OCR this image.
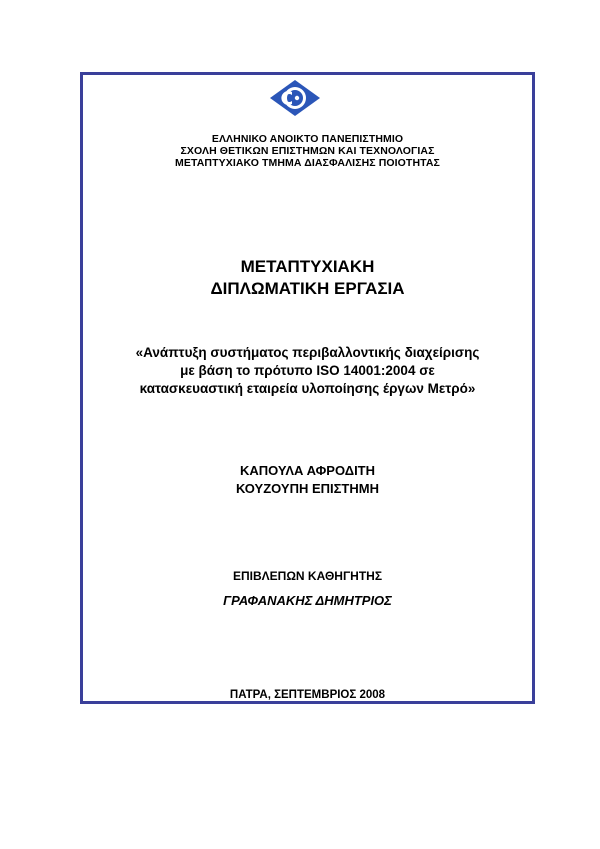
ΕΛΛΗΝΙΚΟ ΑΝΟΙΚΤΟ ΠΑΝΕΠΙΣΤΗΜΙΟ
ΣΧΟΛΗ ΘΕΤΙΚΩΝ ΕΠΙΣΤΗΜΩΝ ΚΑΙ ΤΕΧΝΟΛΟΓΙΑΣ
ΜΕΤΑΠΤΥΧΙΑΚΟ ΤΜΗΜΑ ΔΙΑΣΦΑΛΙΣΗΣ ΠΟΙΟΤΗΤΑΣ
ΜΕΤΑΠΤΥΧΙΑΚΗ
ΔΙΠΛΩΜΑΤΙΚΗ ΕΡΓΑΣΙΑ
«Ανάπτυξη συστήματος περιβαλλοντικής διαχείρισης
με βάση το πρότυπο ISO 14001:2004 σε
κατασκευαστική εταιρεία υλοποίησης έργων Μετρό»
ΚΑΠΟΥΛΑ ΑΦΡΟΔΙΤΗ
ΚΟΥΖΟΥΠΗ ΕΠΙΣΤΗΜΗ
ΕΠΙΒΛΕΠΩΝ ΚΑΘΗΓΗΤΗΣ
ΓΡΑΦΑΝΑΚΗΣ ΔΗΜΗΤΡΙΟΣ
ΠΑΤΡΑ, ΣΕΠΤΕΜΒΡΙΟΣ 2008
